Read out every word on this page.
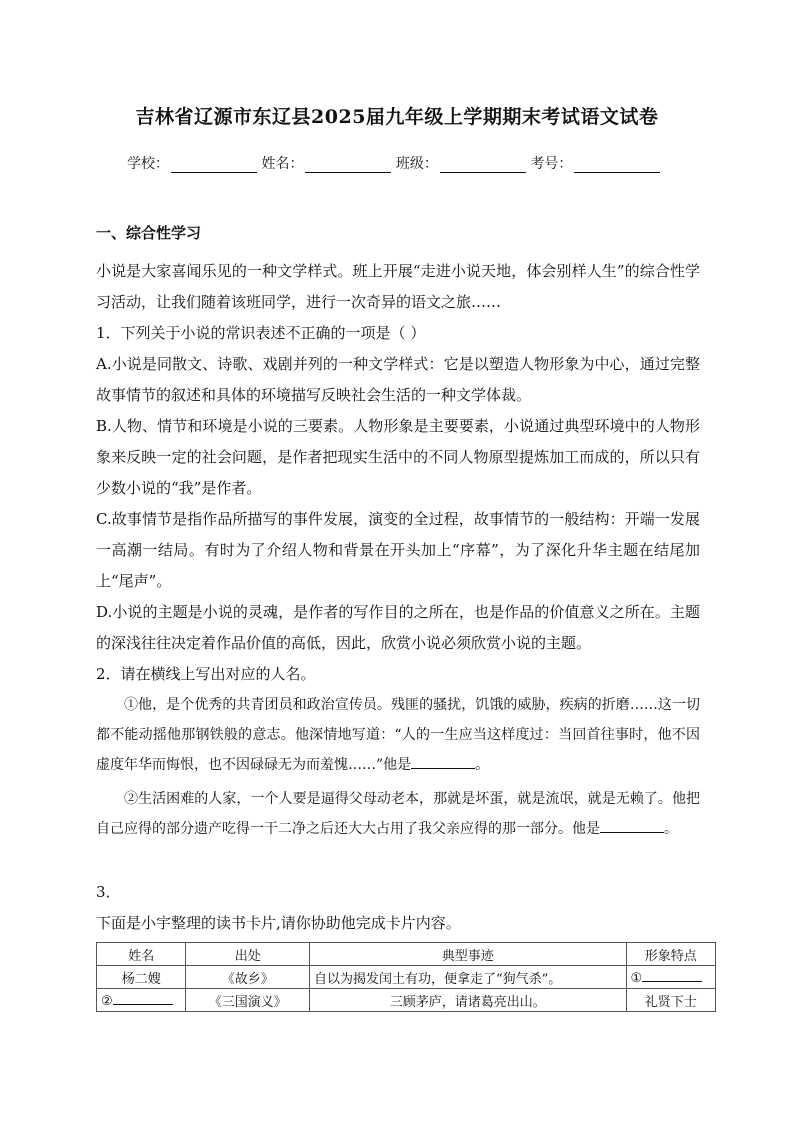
吉林省辽源市东辽县2025届九年级上学期期末考试语文试卷
学校：	姓名：	班级：	考号：
一、综合性学习
小说是大家喜闻乐见的一种文学样式。班上开展“走进小说天地，体会别样人生”的综合性学习活动，让我们随着该班同学，进行一次奇异的语文之旅……
1．下列关于小说的常识表述不正确的一项是（ ）
A.小说是同散文、诗歌、戏剧并列的一种文学样式：它是以塑造人物形象为中心，通过完整故事情节的叙述和具体的环境描写反映社会生活的一种文学体裁。
B.人物、情节和环境是小说的三要素。人物形象是主要要素，小说通过典型环境中的人物形象来反映一定的社会问题，是作者把现实生活中的不同人物原型提炼加工而成的，所以只有少数小说的“我”是作者。
C.故事情节是指作品所描写的事件发展，演变的全过程，故事情节的一般结构：开端一发展一高潮一结局。有时为了介绍人物和背景在开头加上“序幕”，为了深化升华主题在结尾加上“尾声”。
D.小说的主题是小说的灵魂，是作者的写作目的之所在，也是作品的价值意义之所在。主题的深浅往往决定着作品价值的高低，因此，欣赏小说必须欣赏小说的主题。
2．请在横线上写出对应的人名。
①他，是个优秀的共青团员和政治宣传员。残匪的骚扰，饥饿的威胁，疾病的折磨……这一切都不能动摇他那钢铁般的意志。他深情地写道：“人的一生应当这样度过：当回首往事时，他不因虚度年华而悔恨，也不因碌碌无为而羞愧……”他是	。
②生活困难的人家，一个人要是逼得父母动老本，那就是坏蛋，就是流氓，就是无赖了。他把自己应得的部分遗产吃得一干二净之后还大大占用了我父亲应得的那一部分。他是	。
3．
下面是小宇整理的读书卡片,请你协助他完成卡片内容。
姓名	出处	典型事迹	形象特点
杨二嫂	《故乡》	自以为揭发闰土有功，便拿走了“狗气杀”。	①
②	《三国演义》	三顾茅庐，请诸葛亮出山。	礼贤下士
